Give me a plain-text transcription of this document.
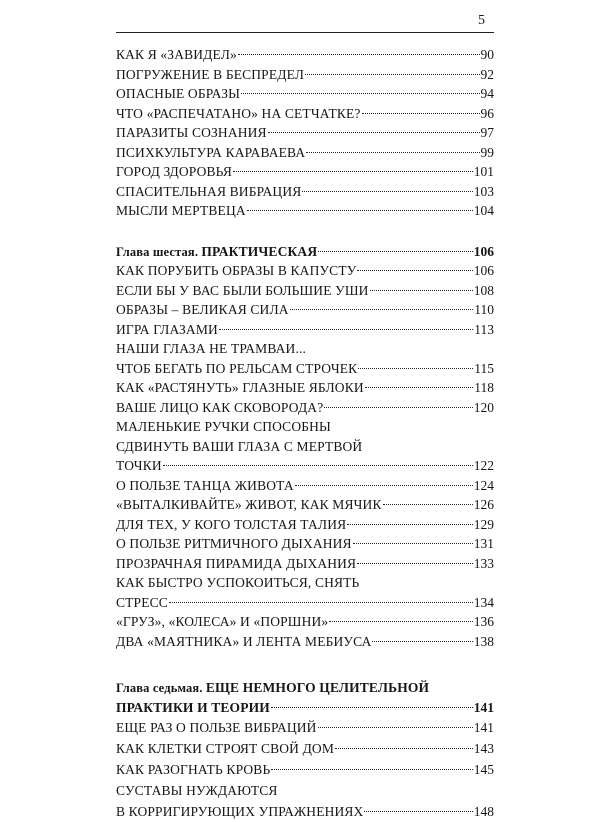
5
КАК Я «ЗАВИДЕЛ»	90
ПОГРУЖЕНИЕ В БЕСПРЕДЕЛ	92
ОПАСНЫЕ ОБРАЗЫ	94
ЧТО «РАСПЕЧАТАНО» НА СЕТЧАТКЕ?	96
ПАРАЗИТЫ СОЗНАНИЯ	97
ПСИХКУЛЬТУРА КАРАВАЕВА	99
ГОРОД ЗДОРОВЬЯ	101
СПАСИТЕЛЬНАЯ ВИБРАЦИЯ	103
МЫСЛИ МЕРТВЕЦА	104
Глава шестая. ПРАКТИЧЕСКАЯ	106
КАК ПОРУБИТЬ ОБРАЗЫ В КАПУСТУ	106
ЕСЛИ БЫ У ВАС БЫЛИ БОЛЬШИЕ УШИ	108
ОБРАЗЫ – ВЕЛИКАЯ СИЛА	110
ИГРА ГЛАЗАМИ	113
НАШИ ГЛАЗА НЕ ТРАМВАИ...
ЧТОБ БЕГАТЬ ПО РЕЛЬСАМ СТРОЧЕК	115
КАК «РАСТЯНУТЬ» ГЛАЗНЫЕ ЯБЛОКИ	118
ВАШЕ ЛИЦО КАК СКОВОРОДА?	120
МАЛЕНЬКИЕ РУЧКИ СПОСОБНЫ
СДВИНУТЬ ВАШИ ГЛАЗА С МЕРТВОЙ
ТОЧКИ	122
О ПОЛЬЗЕ ТАНЦА ЖИВОТА	124
«ВЫТАЛКИВАЙТЕ» ЖИВОТ, КАК МЯЧИК	126
ДЛЯ ТЕХ, У КОГО ТОЛСТАЯ ТАЛИЯ	129
О ПОЛЬЗЕ РИТМИЧНОГО ДЫХАНИЯ	131
ПРОЗРАЧНАЯ ПИРАМИДА ДЫХАНИЯ	133
КАК БЫСТРО УСПОКОИТЬСЯ, СНЯТЬ
СТРЕСС	134
«ГРУЗ», «КОЛЕСА» И «ПОРШНИ»	136
ДВА «МАЯТНИКА» И ЛЕНТА МЕБИУСА	138
Глава седьмая. ЕЩЕ НЕМНОГО ЦЕЛИТЕЛЬНОЙ
ПРАКТИКИ И ТЕОРИИ	141
ЕЩЕ РАЗ О ПОЛЬЗЕ ВИБРАЦИЙ	141
КАК КЛЕТКИ СТРОЯТ СВОЙ ДОМ	143
КАК РАЗОГНАТЬ КРОВЬ	145
СУСТАВЫ НУЖДАЮТСЯ
В КОРРИГИРУЮЩИХ УПРАЖНЕНИЯХ	148
